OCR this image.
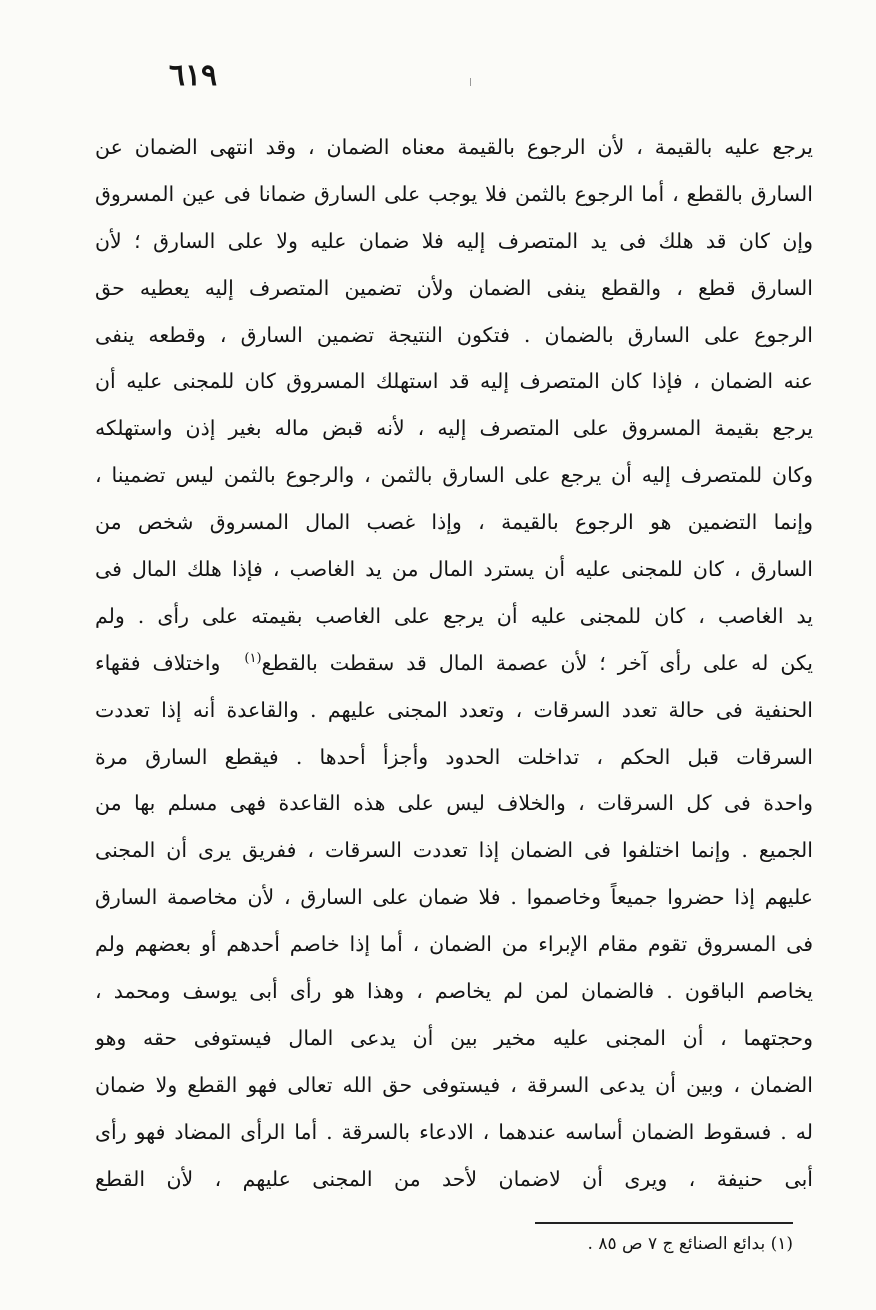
٦١٩
يرجع عليه بالقيمة ، لأن الرجوع بالقيمة معناه الضمان ، وقد انتهى الضمان عن
السارق بالقطع ، أما الرجوع بالثمن فلا يوجب على السارق ضمانا فى عين المسروق
وإن كان قد هلك فى يد المتصرف إليه فلا ضمان عليه ولا على السارق ؛ لأن
السارق قطع ، والقطع ينفى الضمان ولأن تضمين المتصرف إليه يعطيه حق
الرجوع على السارق بالضمان . فتكون النتيجة تضمين السارق ، وقطعه ينفى
عنه الضمان ، فإذا كان المتصرف إليه قد استهلك المسروق كان للمجنى عليه أن
يرجع بقيمة المسروق على المتصرف إليه ، لأنه قبض ماله بغير إذن واستهلكه
وكان للمتصرف إليه أن يرجع على السارق بالثمن ، والرجوع بالثمن ليس تضمينا ،
وإنما التضمين هو الرجوع بالقيمة ، وإذا غصب المال المسروق شخص من
السارق ، كان للمجنى عليه أن يسترد المال من يد الغاصب ، فإذا هلك المال فى
يد الغاصب ، كان للمجنى عليه أن يرجع على الغاصب بقيمته على رأى . ولم
يكن له على رأى آخر ؛ لأن عصمة المال قد سقطت بالقطع$^{(١)}$  واختلاف فقهاء
الحنفية فى حالة تعدد السرقات ، وتعدد المجنى عليهم . والقاعدة أنه إذا تعددت
السرقات قبل الحكم ، تداخلت الحدود وأجزأ أحدها . فيقطع السارق مرة
واحدة فى كل السرقات ، والخلاف ليس على هذه القاعدة فهى مسلم بها من
الجميع . وإنما اختلفوا فى الضمان إذا تعددت السرقات ، ففريق يرى أن المجنى
عليهم إذا حضروا جميعاً وخاصموا . فلا ضمان على السارق ، لأن مخاصمة السارق
فى المسروق تقوم مقام الإبراء من الضمان ، أما إذا خاصم أحدهم أو بعضهم ولم
يخاصم الباقون . فالضمان لمن لم يخاصم ، وهذا هو رأى أبى يوسف ومحمد ،
وحجتهما ، أن المجنى عليه مخير بين أن يدعى المال فيستوفى حقه وهو
الضمان ، وبين أن يدعى السرقة ، فيستوفى حق الله تعالى فهو القطع ولا ضمان
له . فسقوط الضمان أساسه عندهما ، الادعاء بالسرقة . أما الرأى المضاد فهو رأى
أبى حنيفة ، ويرى أن لاضمان لأحد من المجنى عليهم ، لأن القطع
(١) بدائع الصنائع ج ٧ ص ٨٥ .
